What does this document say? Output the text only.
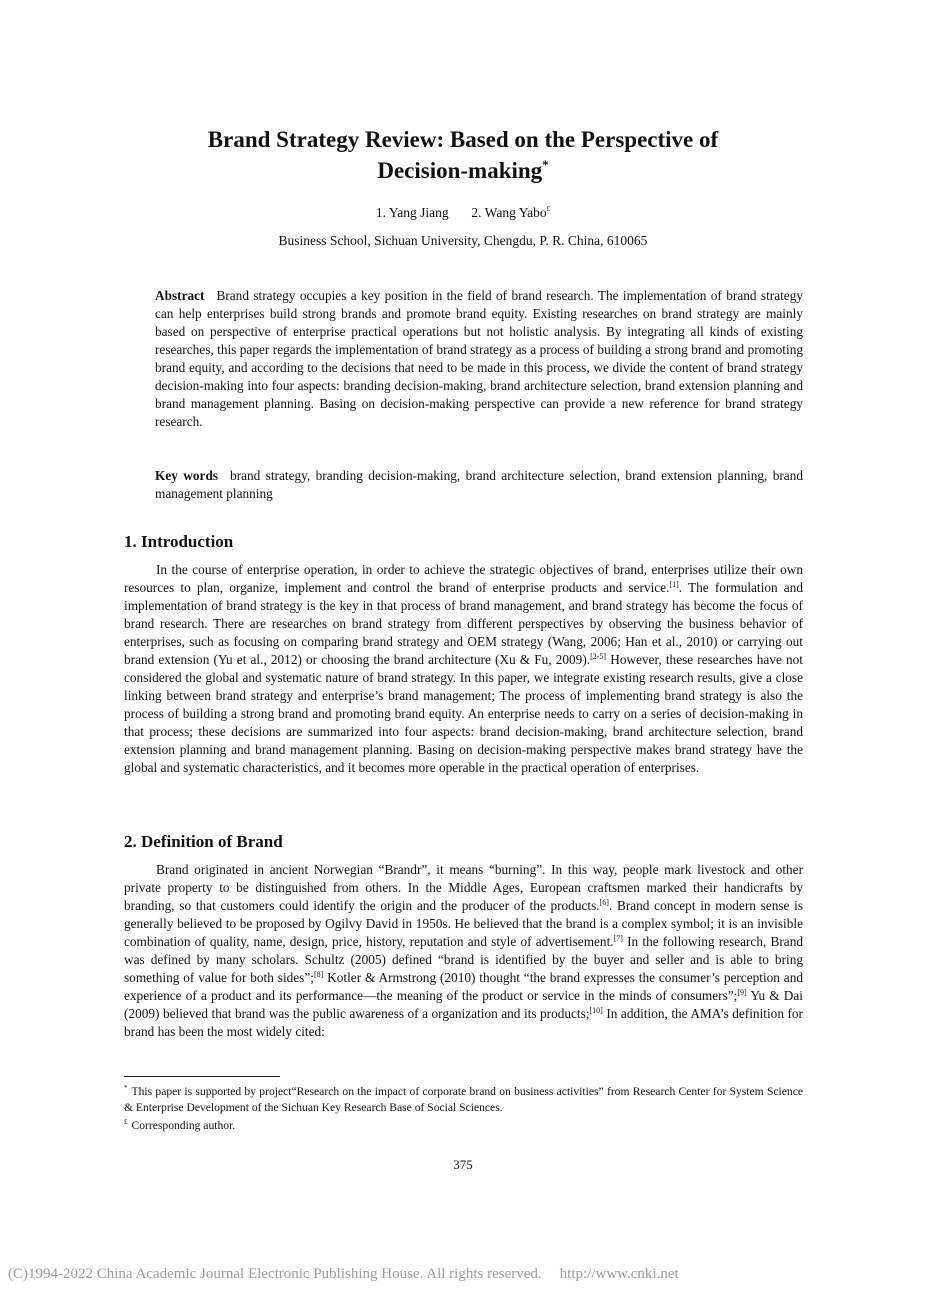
Brand Strategy Review: Based on the Perspective of
Decision-making*
1. Yang Jiang 2. Wang Yabo£
Business School, Sichuan University, Chengdu, P. R. China, 610065
Abstract Brand strategy occupies a key position in the field of brand research. The implementation of brand strategy can help enterprises build strong brands and promote brand equity. Existing researches on brand strategy are mainly based on perspective of enterprise practical operations but not holistic analysis. By integrating all kinds of existing researches, this paper regards the implementation of brand strategy as a process of building a strong brand and promoting brand equity, and according to the decisions that need to be made in this process, we divide the content of brand strategy decision-making into four aspects: branding decision-making, brand architecture selection, brand extension planning and brand management planning. Basing on decision-making perspective can provide a new reference for brand strategy research.
Key words brand strategy, branding decision-making, brand architecture selection, brand extension planning, brand management planning
1. Introduction
In the course of enterprise operation, in order to achieve the strategic objectives of brand, enterprises utilize their own resources to plan, organize, implement and control the brand of enterprise products and service.[1]. The formulation and implementation of brand strategy is the key in that process of brand management, and brand strategy has become the focus of brand research. There are researches on brand strategy from different perspectives by observing the business behavior of enterprises, such as focusing on comparing brand strategy and OEM strategy (Wang, 2006; Han et al., 2010) or carrying out brand extension (Yu et al., 2012) or choosing the brand architecture (Xu & Fu, 2009).[2-5] However, these researches have not considered the global and systematic nature of brand strategy. In this paper, we integrate existing research results, give a close linking between brand strategy and enterprise’s brand management; The process of implementing brand strategy is also the process of building a strong brand and promoting brand equity. An enterprise needs to carry on a series of decision-making in that process; these decisions are summarized into four aspects: brand decision-making, brand architecture selection, brand extension planning and brand management planning. Basing on decision-making perspective makes brand strategy have the global and systematic characteristics, and it becomes more operable in the practical operation of enterprises.
2. Definition of Brand
Brand originated in ancient Norwegian “Brandr”, it means “burning”. In this way, people mark livestock and other private property to be distinguished from others. In the Middle Ages, European craftsmen marked their handicrafts by branding, so that customers could identify the origin and the producer of the products.[6]. Brand concept in modern sense is generally believed to be proposed by Ogilvy David in 1950s. He believed that the brand is a complex symbol; it is an invisible combination of quality, name, design, price, history, reputation and style of advertisement.[7] In the following research, Brand was defined by many scholars. Schultz (2005) defined “brand is identified by the buyer and seller and is able to bring something of value for both sides”;[8] Kotler & Armstrong (2010) thought “the brand expresses the consumer’s perception and experience of a product and its performance—the meaning of the product or service in the minds of consumers”;[9] Yu & Dai (2009) believed that brand was the public awareness of a organization and its products;[10] In addition, the AMA’s definition for brand has been the most widely cited:
* This paper is supported by project“Research on the impact of corporate brand on business activities” from Research Center for System Science & Enterprise Development of the Sichuan Key Research Base of Social Sciences.
£ Corresponding author.
375
(C)1994-2022 China Academic Journal Electronic Publishing House. All rights reserved. http://www.cnki.net
